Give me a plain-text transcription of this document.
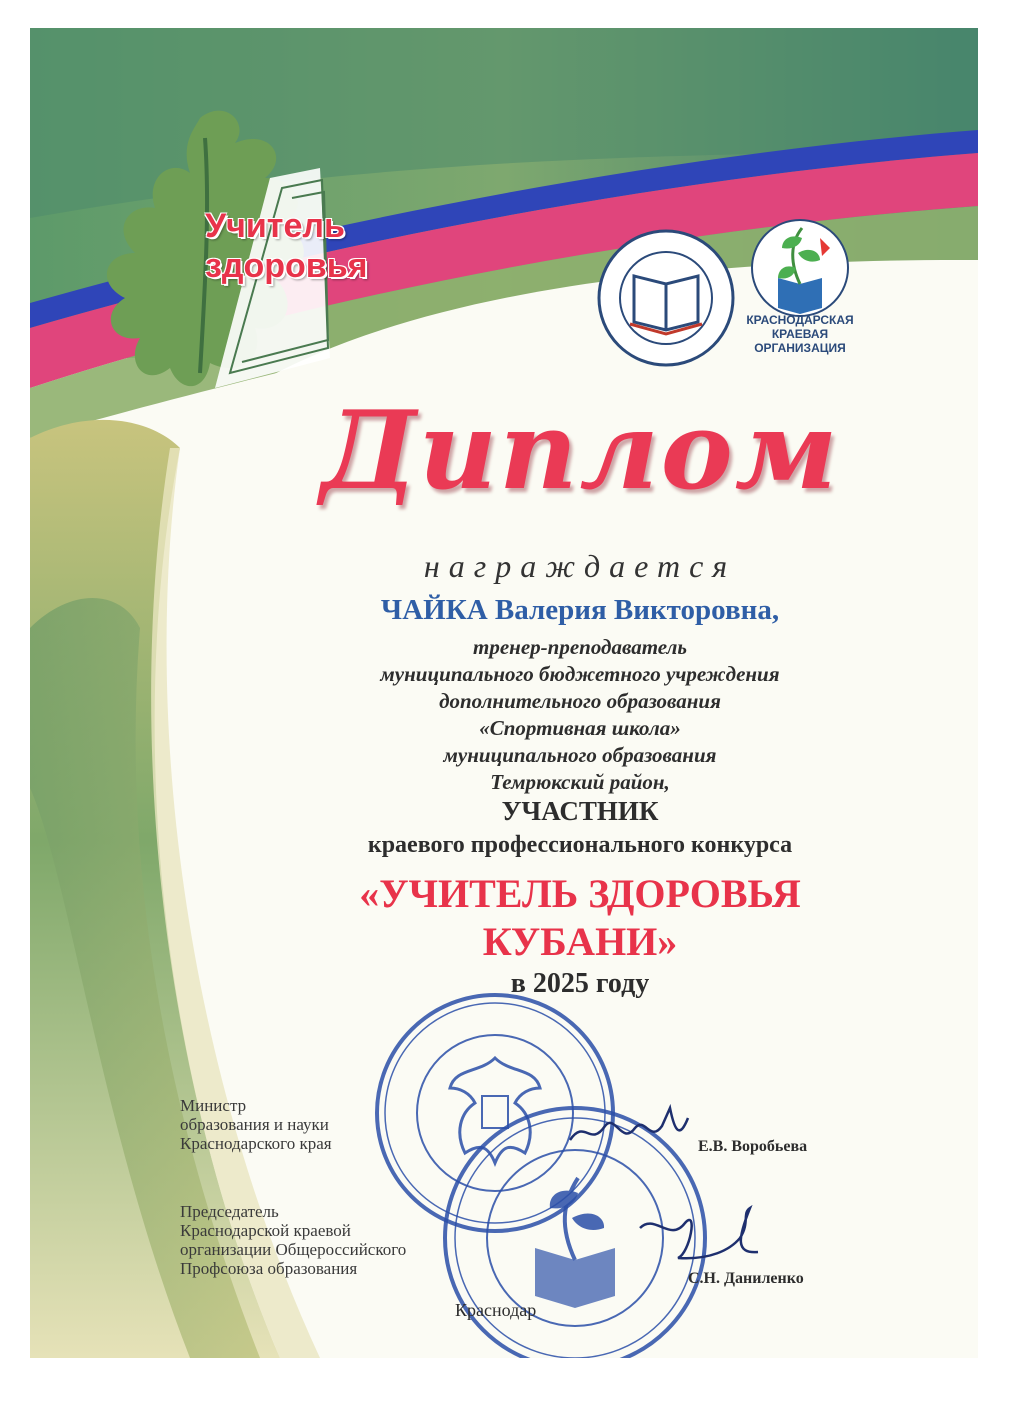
Учитель
здоровья
КРАСНОДАРСКАЯ
КРАЕВАЯ
ОРГАНИЗАЦИЯ
Диплом
награждается
ЧАЙКА Валерия Викторовна,
тренер-преподаватель
муниципального бюджетного учреждения
дополнительного образования
«Спортивная школа»
муниципального образования
Темрюкский район,
УЧАСТНИК
краевого профессионального конкурса
«УЧИТЕЛЬ ЗДОРОВЬЯ
КУБАНИ»
в 2025 году
Министр
образования и науки
Краснодарского края	Е.В. Воробьева
Председатель
Краснодарской краевой
организации Общероссийского
Профсоюза образования
С.Н. Даниленко
Краснодар
